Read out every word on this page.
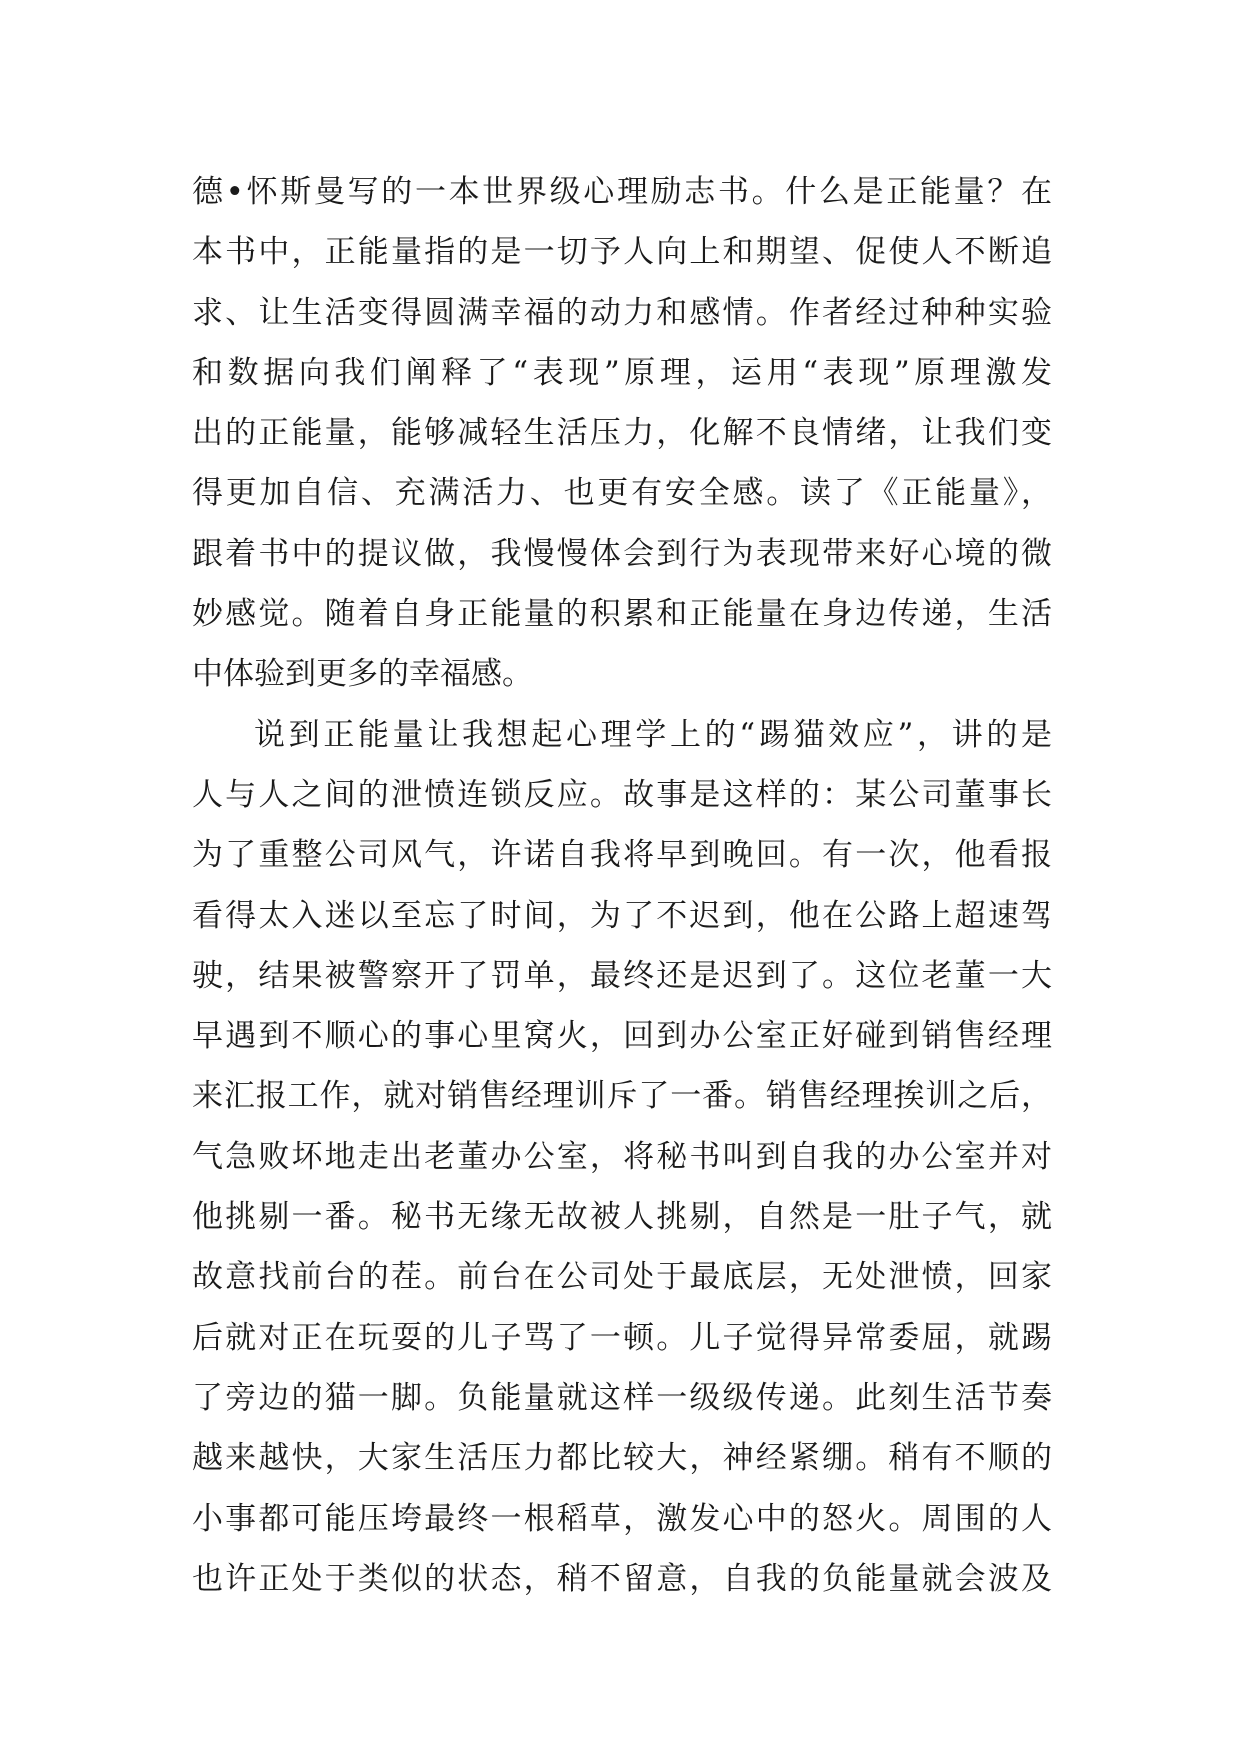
德•怀斯曼写的一本世界级心理励志书。什么是正能量？在
本书中，正能量指的是一切予人向上和期望、促使人不断追
求、让生活变得圆满幸福的动力和感情。作者经过种种实验
和数据向我们阐释了“表现”原理，运用“表现”原理激发
出的正能量，能够减轻生活压力，化解不良情绪，让我们变
得更加自信、充满活力、也更有安全感。读了《正能量》，
跟着书中的提议做，我慢慢体会到行为表现带来好心境的微
妙感觉。随着自身正能量的积累和正能量在身边传递，生活
中体验到更多的幸福感。
说到正能量让我想起心理学上的“踢猫效应”，讲的是
人与人之间的泄愤连锁反应。故事是这样的：某公司董事长
为了重整公司风气，许诺自我将早到晚回。有一次，他看报
看得太入迷以至忘了时间，为了不迟到，他在公路上超速驾
驶，结果被警察开了罚单，最终还是迟到了。这位老董一大
早遇到不顺心的事心里窝火，回到办公室正好碰到销售经理
来汇报工作，就对销售经理训斥了一番。销售经理挨训之后，
气急败坏地走出老董办公室，将秘书叫到自我的办公室并对
他挑剔一番。秘书无缘无故被人挑剔，自然是一肚子气，就
故意找前台的茬。前台在公司处于最底层，无处泄愤，回家
后就对正在玩耍的儿子骂了一顿。儿子觉得异常委屈，就踢
了旁边的猫一脚。负能量就这样一级级传递。此刻生活节奏
越来越快，大家生活压力都比较大，神经紧绷。稍有不顺的
小事都可能压垮最终一根稻草，激发心中的怒火。周围的人
也许正处于类似的状态，稍不留意，自我的负能量就会波及
